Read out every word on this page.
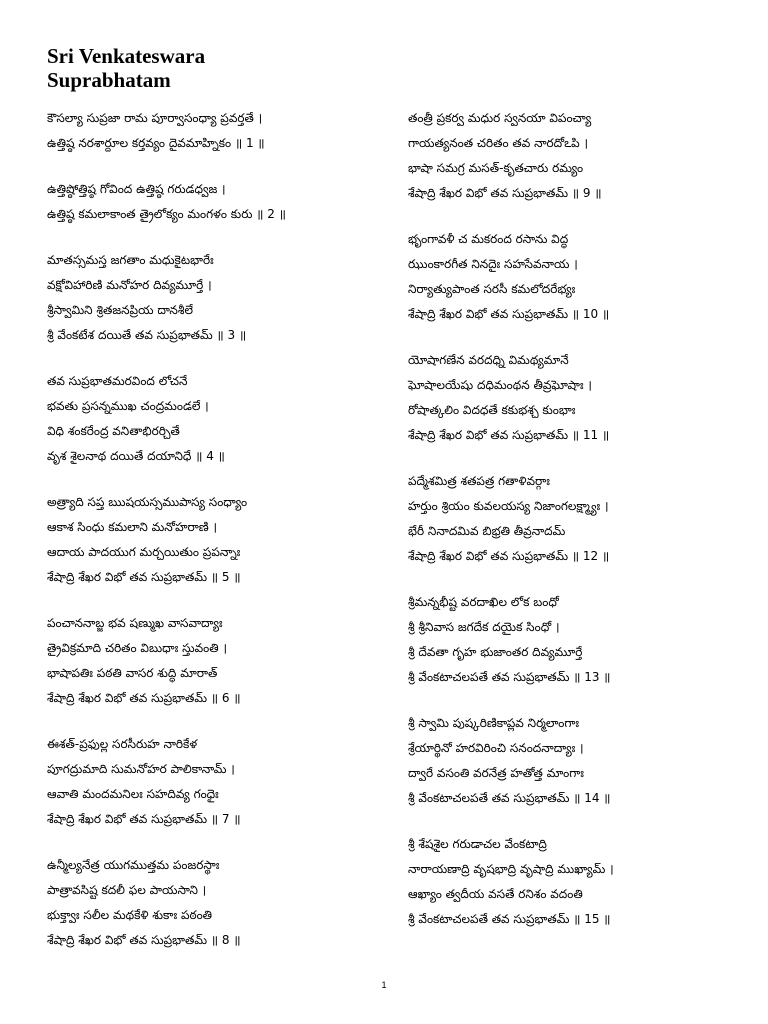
Sri Venkateswara
Suprabhatam
కౌసల్యా సుప్రజా రామ పూర్వాసంధ్యా ప్రవర్తతే ।
ఉత్తిష్ఠ నరశార్దూల కర్తవ్యం దైవమాహ్నికం ॥ 1 ॥
ఉత్తిష్ఠోత్తిష్ఠ గోవింద ఉత్తిష్ఠ గరుడధ్వజ ।
ఉత్తిష్ఠ కమలాకాంత త్రైలోక్యం మంగళం కురు ॥ 2 ॥
మాతస్సమస్త జగతాం మధుకైటభారేః
వక్షోవిహారిణి మనోహర దివ్యమూర్తే ।
శ్రీస్వామిని శ్రితజనప్రియ దానశీలే
శ్రీ వేంకటేశ దయితే తవ సుప్రభాతమ్ ॥ 3 ॥
తవ సుప్రభాతమరవింద లోచనే
భవతు ప్రసన్నముఖ చంద్రమండలే ।
విధి శంకరేంద్ర వనితాభిరర్చితే
వృశ శైలనాథ దయితే దయానిధే ॥ 4 ॥
అత్ర్యాది సప్త ఋషయస్సముపాస్య సంధ్యాం
ఆకాశ సింధు కమలాని మనోహరాణి ।
ఆదాయ పాదయుగ మర్చయితుం ప్రపన్నాః
శేషాద్రి శేఖర విభో తవ సుప్రభాతమ్ ॥ 5 ॥
పంచాననాబ్జ భవ షణ్ముఖ వాసవాద్యాః
త్రైవిక్రమాది చరితం విబుధాః స్తువంతి ।
భాషాపతిః పఠతి వాసర శుద్ధి మారాత్
శేషాద్రి శేఖర విభో తవ సుప్రభాతమ్ ॥ 6 ॥
ఈశత్-ప్రఫుల్ల సరసీరుహ నారికేళ
పూగద్రుమాది సుమనోహర పాలికానామ్ ।
ఆవాతి మందమనిలః సహదివ్య గంధైః
శేషాద్రి శేఖర విభో తవ సుప్రభాతమ్ ॥ 7 ॥
ఉన్మీల్యనేత్ర యుగముత్తమ పంజరస్థాః
పాత్రావసిష్ట కదలీ ఫల పాయసాని ।
భుక్త్వాః సలీల మథకేళి శుకాః పఠంతి
శేషాద్రి శేఖర విభో తవ సుప్రభాతమ్ ॥ 8 ॥
తంత్రీ ప్రకర్వ మధుర స్వనయా విపంచ్యా
గాయత్యనంత చరితం తవ నారదోఽపి ।
భాషా సమగ్ర మసత్-కృతచారు రమ్యం
శేషాద్రి శేఖర విభో తవ సుప్రభాతమ్ ॥ 9 ॥
భృంగావళీ చ మకరంద రసాను విద్ధ
ఝుంకారగీత నినదైః సహసేవనాయ ।
నిర్యాత్యుపాంత సరసీ కమలోదరేభ్యః
శేషాద్రి శేఖర విభో తవ సుప్రభాతమ్ ॥ 10 ॥
యోషాగణేన వరదధ్ని విమథ్యమానే
ఘోషాలయేషు దధిమంథన తీవ్రఘోషాః ।
రోషాత్కలిం విదధతే కకుభశ్చ కుంభాః
శేషాద్రి శేఖర విభో తవ సుప్రభాతమ్ ॥ 11 ॥
పద్మేశమిత్ర శతపత్ర గతాళివర్గాః
హర్తుం శ్రియం కువలయస్య నిజాంగలక్ష్మ్యాః ।
భేరీ నినాదమివ బిభ్రతి తీవ్రనాదమ్
శేషాద్రి శేఖర విభో తవ సుప్రభాతమ్ ॥ 12 ॥
శ్రీమన్నభీష్ట వరదాఖిల లోక బంధో
శ్రీ శ్రీనివాస జగదేక దయైక సింధో ।
శ్రీ దేవతా గృహ భుజాంతర దివ్యమూర్తే
శ్రీ వేంకటాచలపతే తవ సుప్రభాతమ్ ॥ 13 ॥
శ్రీ స్వామి పుష్కరిణికాప్లవ నిర్మలాంగాః
శ్రేయార్థినో హరవిరించి సనందనాద్యాః ।
ద్వారే వసంతి వరనేత్ర హతోత్త మాంగాః
శ్రీ వేంకటాచలపతే తవ సుప్రభాతమ్ ॥ 14 ॥
శ్రీ శేషశైల గరుడాచల వేంకటాద్రి
నారాయణాద్రి వృషభాద్రి వృషాద్రి ముఖ్యామ్ ।
ఆఖ్యాం త్వదీయ వసతే రనిశం వదంతి
శ్రీ వేంకటాచలపతే తవ సుప్రభాతమ్ ॥ 15 ॥
1
